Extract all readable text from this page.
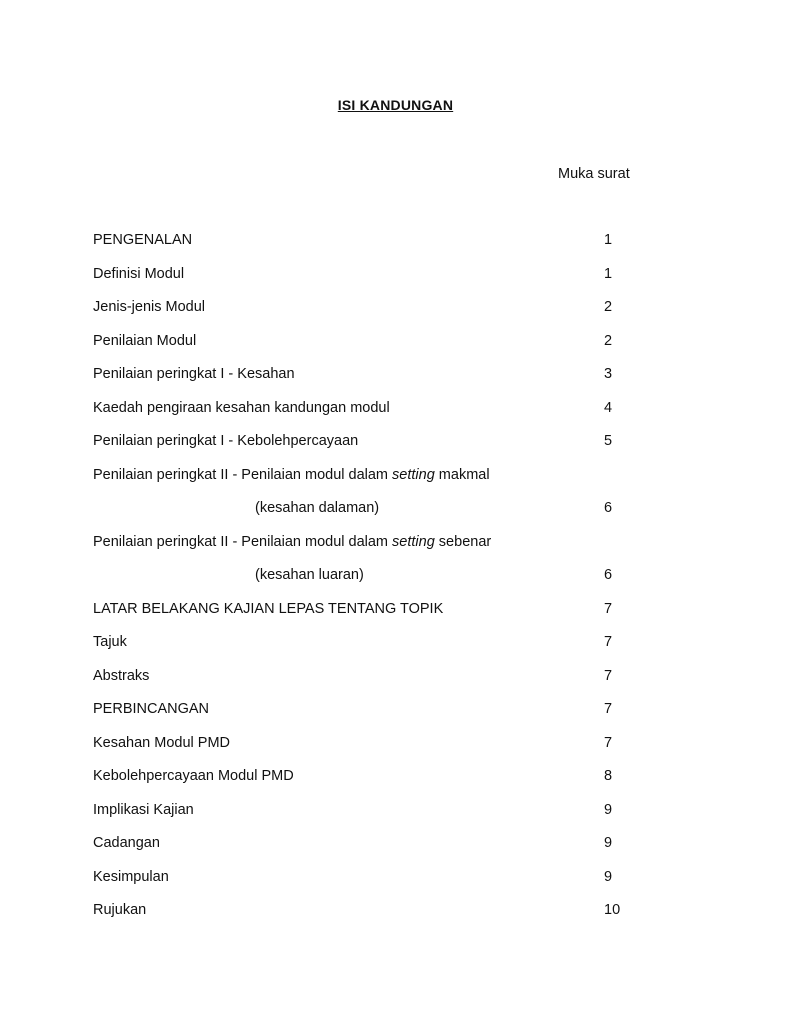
ISI KANDUNGAN
Muka surat
PENGENALAN	1
Definisi Modul	1
Jenis-jenis Modul	2
Penilaian Modul	2
Penilaian peringkat I - Kesahan	3
Kaedah pengiraan kesahan kandungan modul	4
Penilaian peringkat I - Kebolehpercayaan	5
Penilaian peringkat II - Penilaian modul dalam setting makmal
(kesahan dalaman)	6
Penilaian peringkat II - Penilaian modul dalam setting sebenar
(kesahan luaran)	6
LATAR BELAKANG KAJIAN LEPAS TENTANG TOPIK	7
Tajuk	7
Abstraks	7
PERBINCANGAN	7
Kesahan Modul PMD	7
Kebolehpercayaan Modul PMD	8
Implikasi Kajian	9
Cadangan	9
Kesimpulan	9
Rujukan	10
